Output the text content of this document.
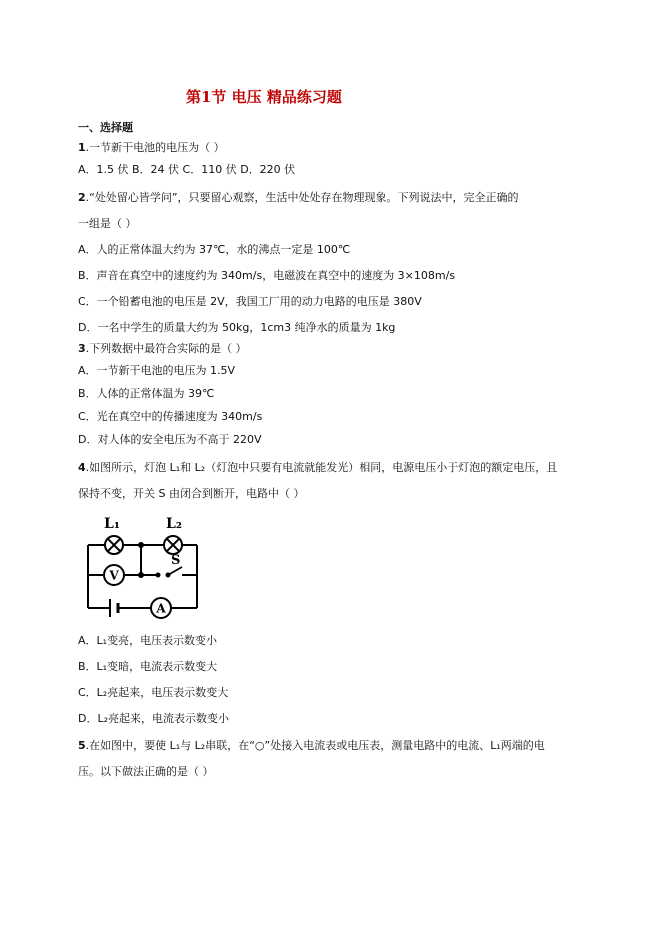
第1节 电压 精品练习题
一、选择题
1.一节新干电池的电压为（ ）
A．1.5 伏 B．24 伏 C．110 伏 D．220 伏
2.“处处留心皆学问”，只要留心观察，生活中处处存在物理现象。下列说法中，完全正确的
一组是（ ）
A．人的正常体温大约为 37℃，水的沸点一定是 100℃
B．声音在真空中的速度约为 340m/s，电磁波在真空中的速度为 3×108m/s
C．一个铅蓄电池的电压是 2V，我国工厂用的动力电路的电压是 380V
D．一名中学生的质量大约为 50kg，1cm3 纯净水的质量为 1kg
3.下列数据中最符合实际的是（ ）
A．一节新干电池的电压为 1.5V
B．人体的正常体温为 39℃
C．光在真空中的传播速度为 340m/s
D．对人体的安全电压为不高于 220V
4.如图所示，灯泡 L₁和 L₂（灯泡中只要有电流就能发光）相同，电源电压小于灯泡的额定电压，且
保持不变，开关 S 由闭合到断开，电路中（ ）
V
A
L₁	L₂
S
A．L₁变亮，电压表示数变小
B．L₁变暗，电流表示数变大
C．L₂亮起来，电压表示数变大
D．L₂亮起来，电流表示数变小
5.在如图中，要使 L₁与 L₂串联，在“○”处接入电流表或电压表，测量电路中的电流、L₁两端的电
压。以下做法正确的是（ ）
